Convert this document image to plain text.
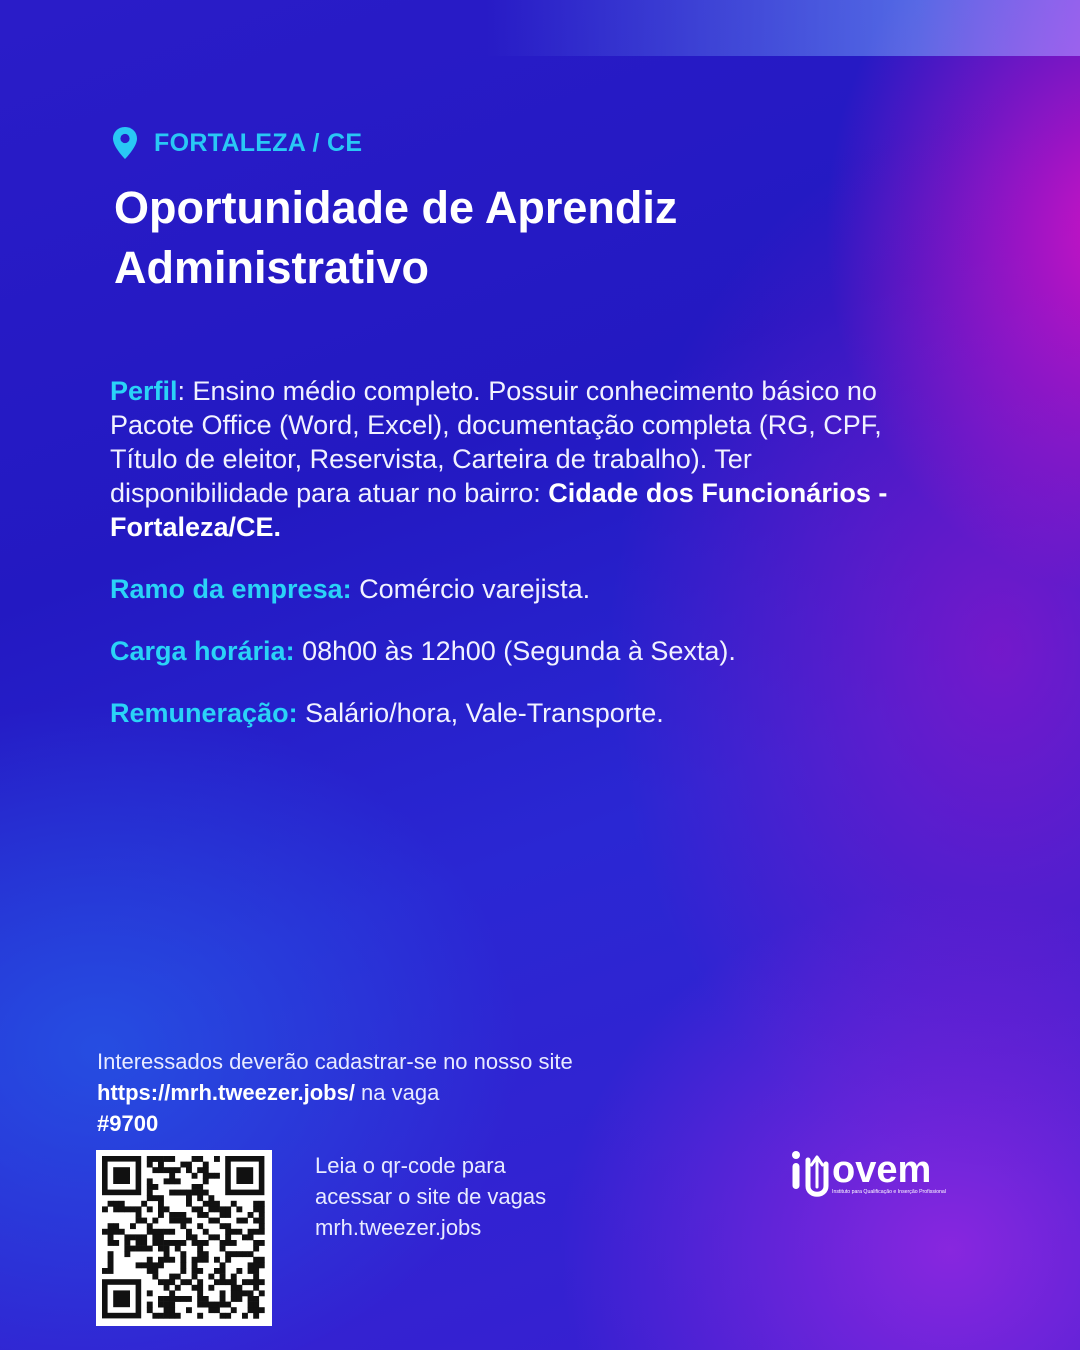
FORTALEZA / CE
Oportunidade de Aprendiz
Administrativo

Perfil: Ensino médio completo. Possuir conhecimento básico no Pacote Office (Word, Excel), documentação completa (RG, CPF, Título de eleitor, Reservista, Carteira de trabalho). Ter disponibilidade para atuar no bairro: Cidade dos Funcionários - Fortaleza/CE.

Ramo da empresa: Comércio varejista.

Carga horária: 08h00 às 12h00 (Segunda à Sexta).

Remuneração: Salário/hora, Vale-Transporte.

Interessados deverão cadastrar-se no nosso site https://mrh.tweezer.jobs/ na vaga
#9700

Leia o qr-code para
acessar o site de vagas
mrh.tweezer.jobs
ovem
Instituto para Qualificação e Inserção Profissional
